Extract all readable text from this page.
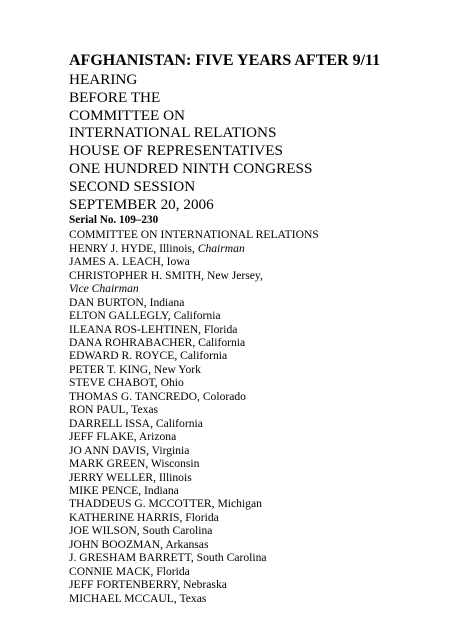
AFGHANISTAN: FIVE YEARS AFTER 9/11
HEARING
BEFORE THE
COMMITTEE ON
INTERNATIONAL RELATIONS
HOUSE OF REPRESENTATIVES
ONE HUNDRED NINTH CONGRESS
SECOND SESSION
SEPTEMBER 20, 2006
Serial No. 109–230
COMMITTEE ON INTERNATIONAL RELATIONS
HENRY J. HYDE, Illinois, Chairman
JAMES A. LEACH, Iowa
CHRISTOPHER H. SMITH, New Jersey,
Vice Chairman
DAN BURTON, Indiana
ELTON GALLEGLY, California
ILEANA ROS-LEHTINEN, Florida
DANA ROHRABACHER, California
EDWARD R. ROYCE, California
PETER T. KING, New York
STEVE CHABOT, Ohio
THOMAS G. TANCREDO, Colorado
RON PAUL, Texas
DARRELL ISSA, California
JEFF FLAKE, Arizona
JO ANN DAVIS, Virginia
MARK GREEN, Wisconsin
JERRY WELLER, Illinois
MIKE PENCE, Indiana
THADDEUS G. MCCOTTER, Michigan
KATHERINE HARRIS, Florida
JOE WILSON, South Carolina
JOHN BOOZMAN, Arkansas
J. GRESHAM BARRETT, South Carolina
CONNIE MACK, Florida
JEFF FORTENBERRY, Nebraska
MICHAEL MCCAUL, Texas
